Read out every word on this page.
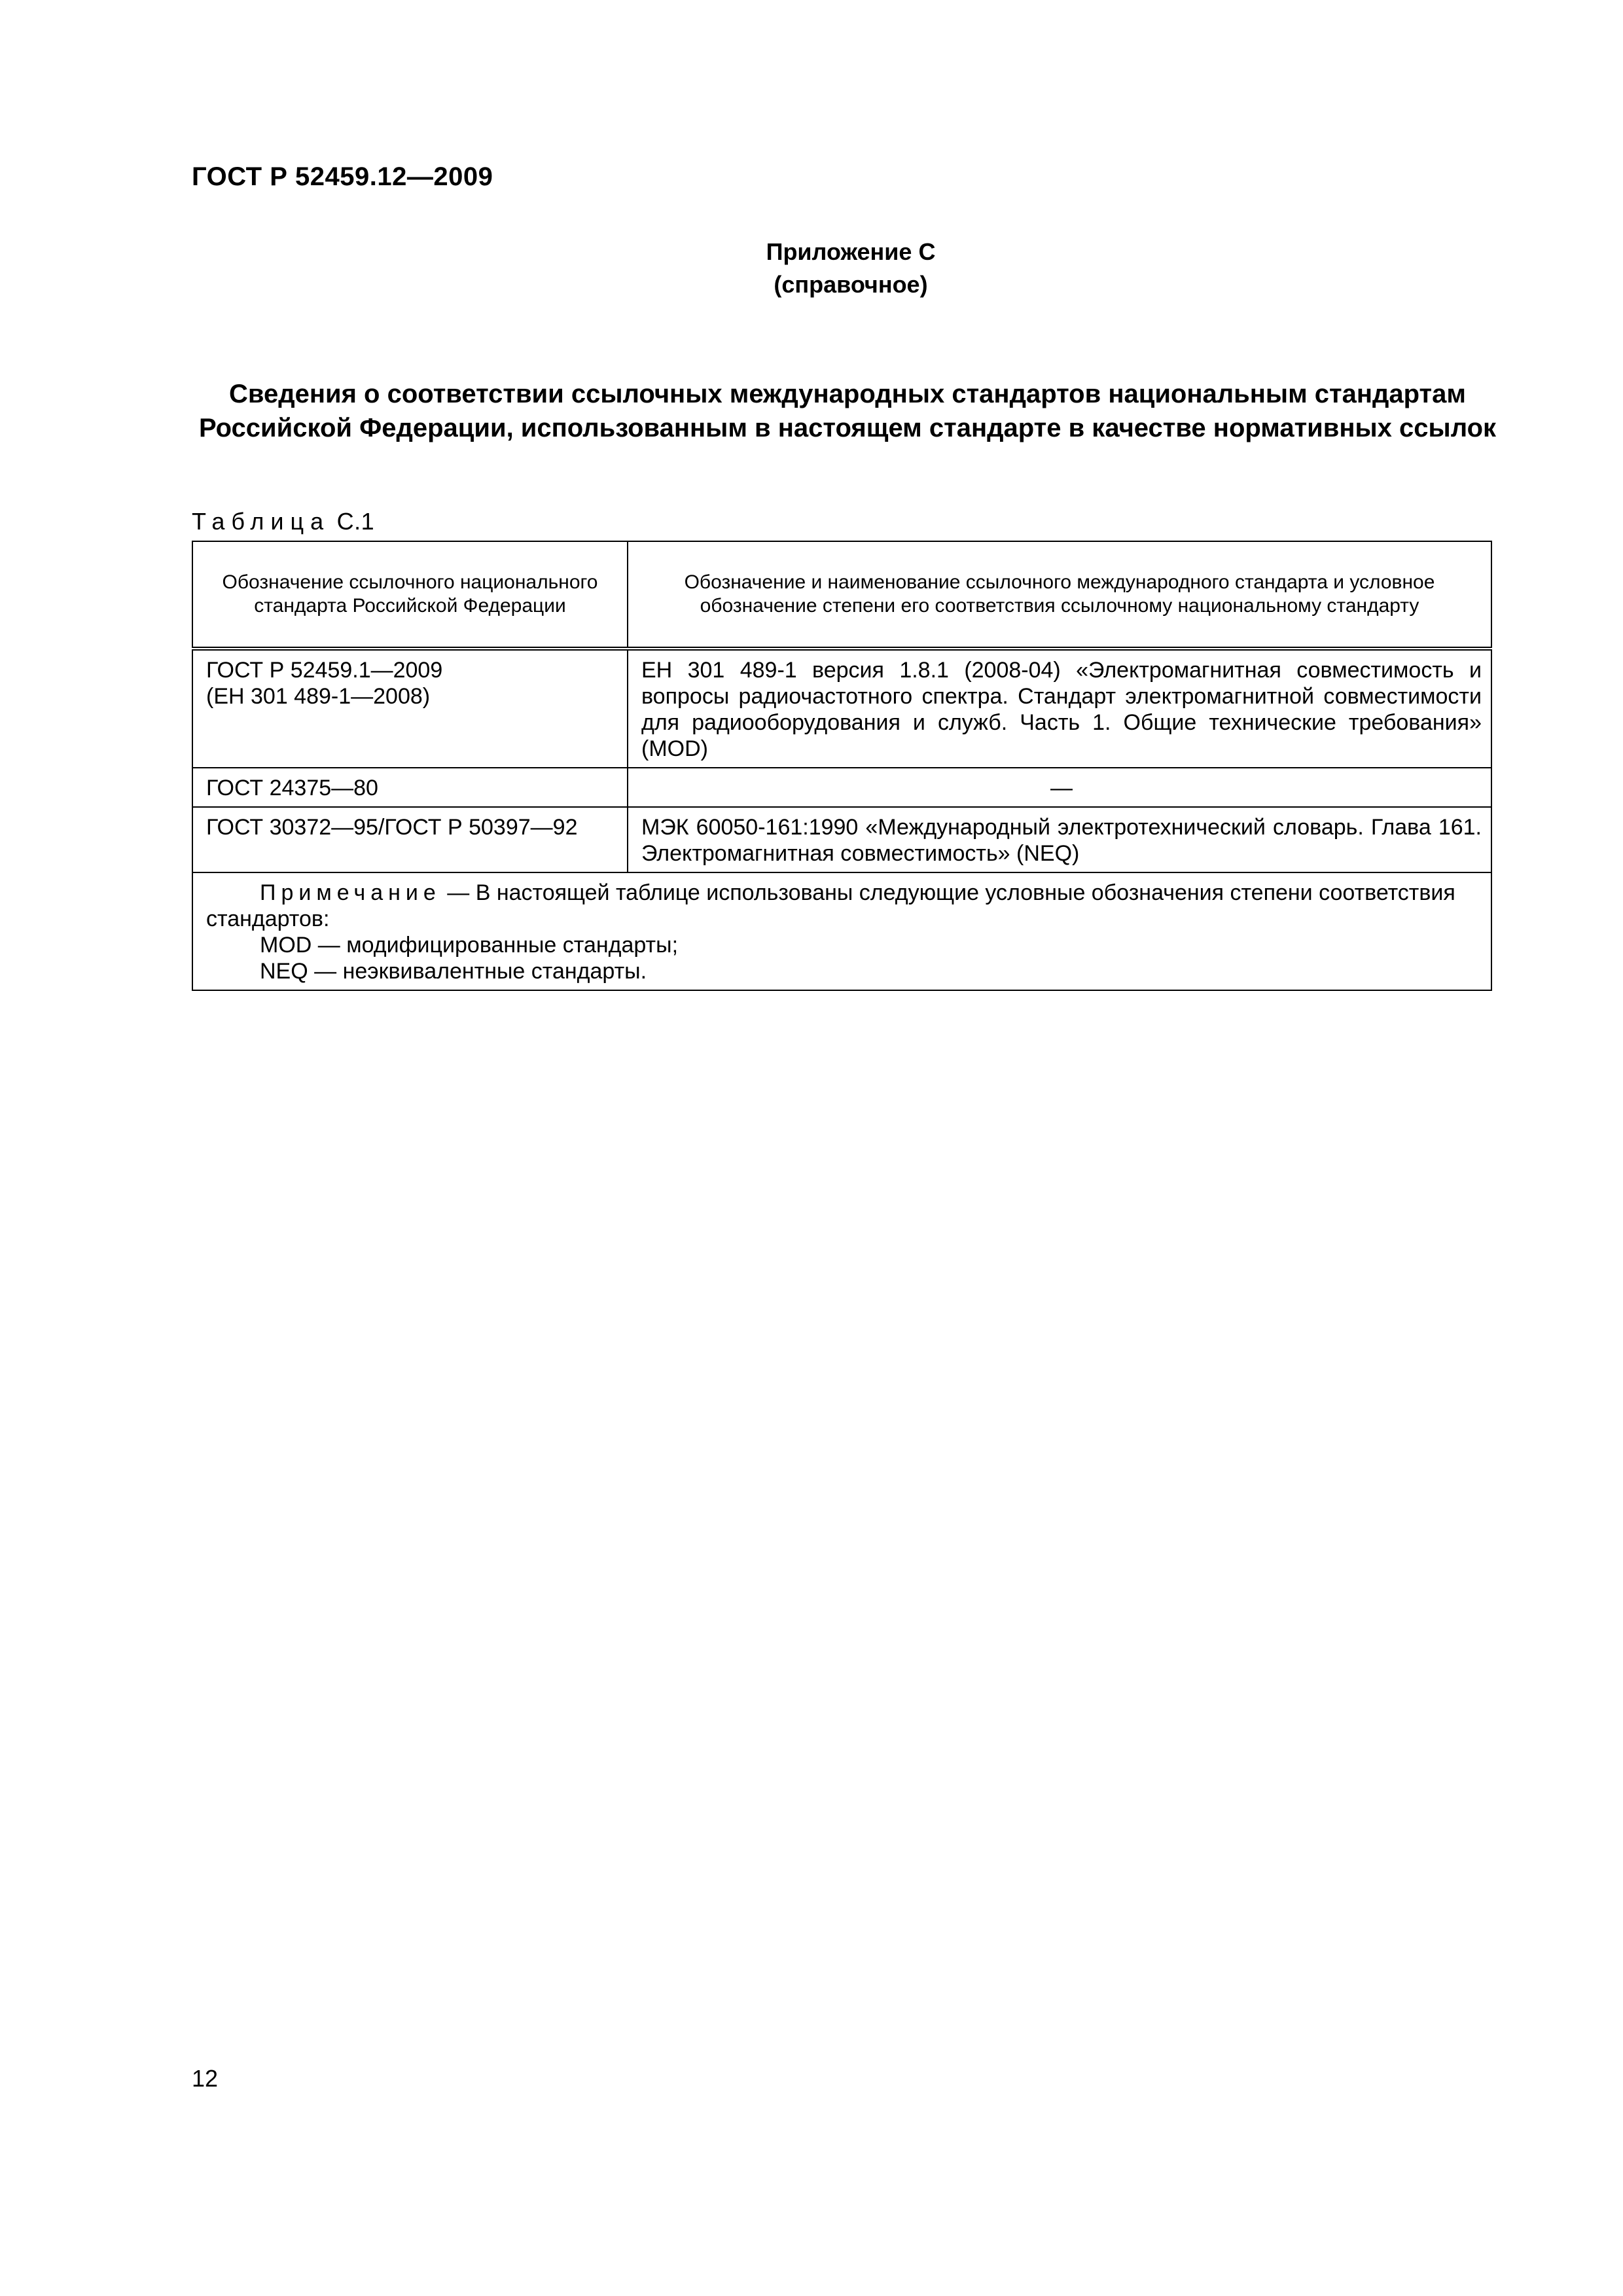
ГОСТ Р 52459.12—2009
Приложение С
(справочное)
Сведения о соответствии ссылочных международных стандартов национальным стандартам Российской Федерации, использованным в настоящем стандарте в качестве нормативных ссылок
Таблица С.1
Обозначение ссылочного национального стандарта Российской Федерации	Обозначение и наименование ссылочного международного стандарта и условное обозначение степени его соответствия ссылочному национальному стандарту

ГОСТ Р 52459.1—2009
(ЕН 301 489-1—2008)	ЕН 301 489-1 версия 1.8.1 (2008-04) «Электромагнитная совместимость и вопросы радиочастотного спектра. Стандарт электромагнитной совместимости для радиооборудования и служб. Часть 1. Общие технические требования» (MOD)
ГОСТ 24375—80	—
ГОСТ 30372—95/ГОСТ Р 50397—92	МЭК 60050-161:1990 «Международный электротехнический словарь. Глава 161. Электромагнитная совместимость» (NEQ)

Примечание — В настоящей таблице использованы следующие условные обозначения степени соответствия стандартов:
MOD — модифицированные стандарты;
NEQ — неэквивалентные стандарты.	
12
